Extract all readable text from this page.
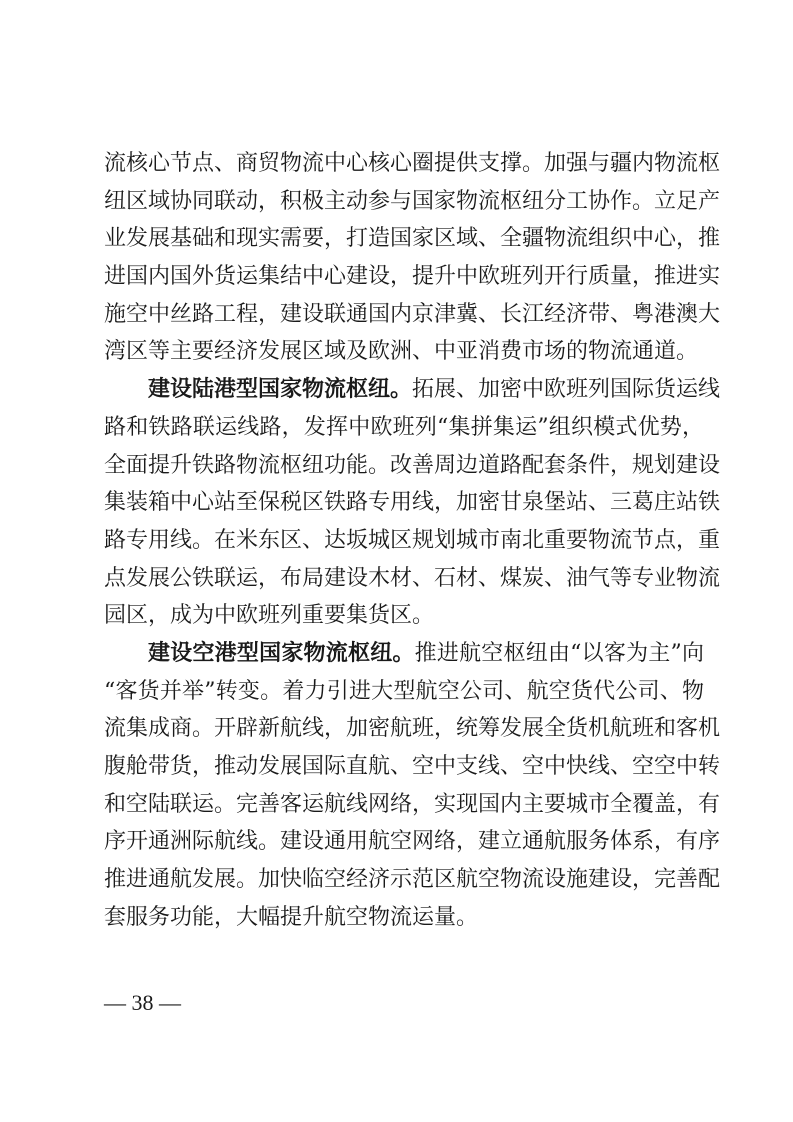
流核心节点、商贸物流中心核心圈提供支撑。加强与疆内物流枢
纽区域协同联动，积极主动参与国家物流枢纽分工协作。立足产
业发展基础和现实需要，打造国家区域、全疆物流组织中心，推
进国内国外货运集结中心建设，提升中欧班列开行质量，推进实
施空中丝路工程，建设联通国内京津冀、长江经济带、粤港澳大
湾区等主要经济发展区域及欧洲、中亚消费市场的物流通道。
建设陆港型国家物流枢纽。拓展、加密中欧班列国际货运线
路和铁路联运线路，发挥中欧班列“集拼集运”组织模式优势，
全面提升铁路物流枢纽功能。改善周边道路配套条件，规划建设
集装箱中心站至保税区铁路专用线，加密甘泉堡站、三葛庄站铁
路专用线。在米东区、达坂城区规划城市南北重要物流节点，重
点发展公铁联运，布局建设木材、石材、煤炭、油气等专业物流
园区，成为中欧班列重要集货区。
建设空港型国家物流枢纽。推进航空枢纽由“以客为主”向
“客货并举”转变。着力引进大型航空公司、航空货代公司、物
流集成商。开辟新航线，加密航班，统筹发展全货机航班和客机
腹舱带货，推动发展国际直航、空中支线、空中快线、空空中转
和空陆联运。完善客运航线网络，实现国内主要城市全覆盖，有
序开通洲际航线。建设通用航空网络，建立通航服务体系，有序
推进通航发展。加快临空经济示范区航空物流设施建设，完善配
套服务功能，大幅提升航空物流运量。
— 38 —
